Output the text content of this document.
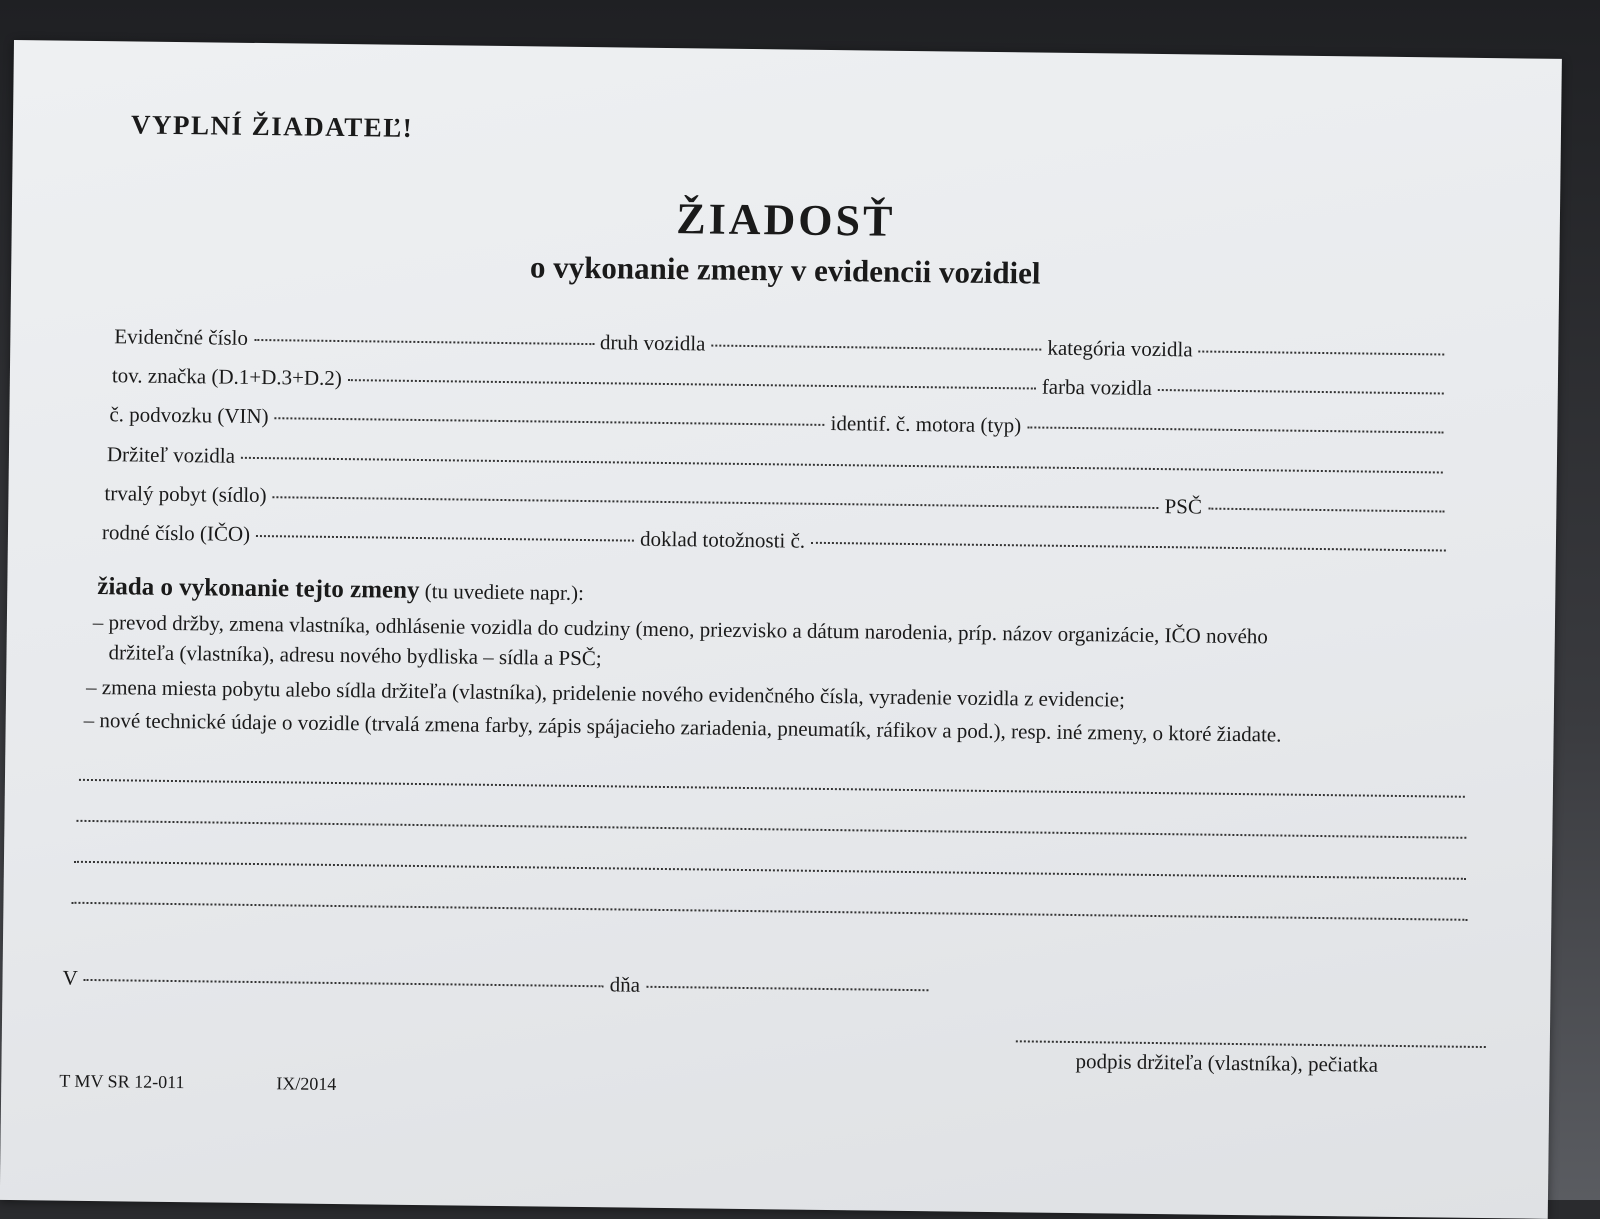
VYPLNÍ ŽIADATEĽ!
ŽIADOSŤ
o vykonanie zmeny v evidencii vozidiel
Evidenčné číslo	druh vozidla	kategória vozidla
tov. značka (D.1+D.3+D.2)	farba vozidla
č. podvozku (VIN)	identif. č. motora (typ)
Držiteľ vozidla
trvalý pobyt (sídlo)	PSČ
rodné číslo (IČO)	doklad totožnosti č.
žiada o vykonanie tejto zmeny (tu uvediete napr.):
– prevod držby, zmena vlastníka, odhlásenie vozidla do cudziny (meno, priezvisko a dátum narodenia, príp. názov organizácie, IČO nového
držiteľa (vlastníka), adresu nového bydliska – sídla a PSČ;
– zmena miesta pobytu alebo sídla držiteľa (vlastníka), pridelenie nového evidenčného čísla, vyradenie vozidla z evidencie;
– nové technické údaje o vozidle (trvalá zmena farby, zápis spájacieho zariadenia, pneumatík, ráfikov a pod.), resp. iné zmeny, o ktoré žiadate.
V	dňa
podpis držiteľa (vlastníka), pečiatka
T MV SR 12-011	IX/2014
